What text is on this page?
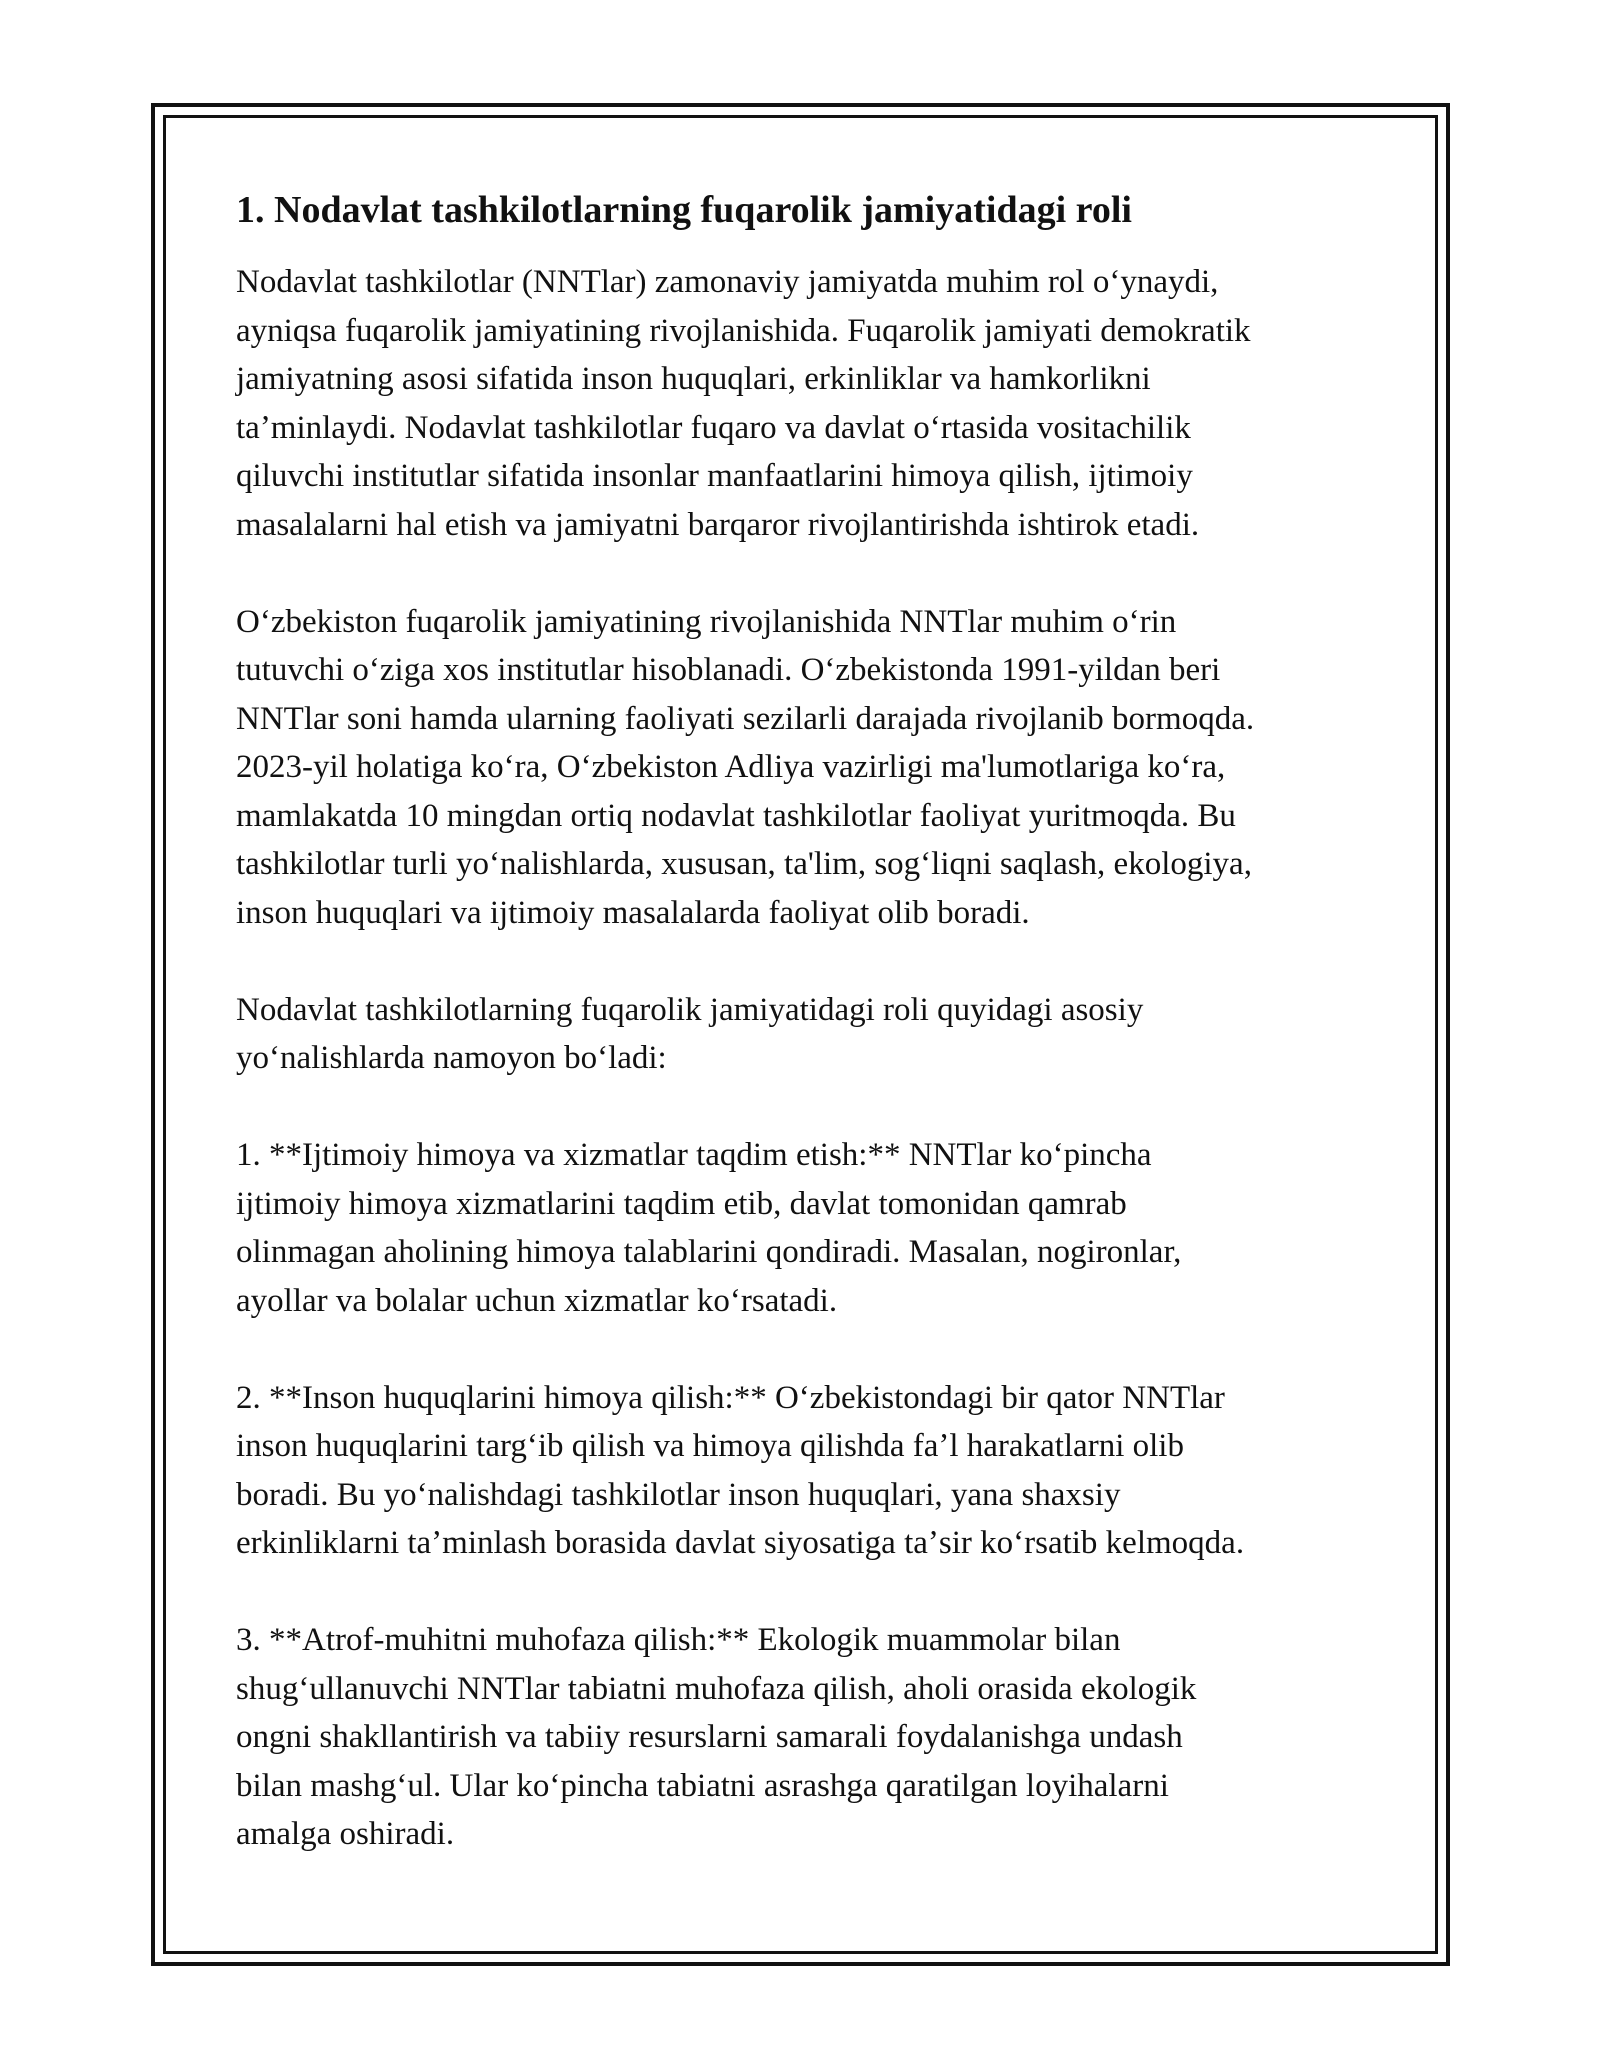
1. Nodavlat tashkilotlarning fuqarolik jamiyatidagi roli

Nodavlat tashkilotlar (NNTlar) zamonaviy jamiyatda muhim rol oʻynaydi,
ayniqsa fuqarolik jamiyatining rivojlanishida. Fuqarolik jamiyati demokratik
jamiyatning asosi sifatida inson huquqlari, erkinliklar va hamkorlikni
taʼminlaydi. Nodavlat tashkilotlar fuqaro va davlat oʻrtasida vositachilik
qiluvchi institutlar sifatida insonlar manfaatlarini himoya qilish, ijtimoiy
masalalarni hal etish va jamiyatni barqaror rivojlantirishda ishtirok etadi.

Oʻzbekiston fuqarolik jamiyatining rivojlanishida NNTlar muhim oʻrin
tutuvchi oʻziga xos institutlar hisoblanadi. Oʻzbekistonda 1991-yildan beri
NNTlar soni hamda ularning faoliyati sezilarli darajada rivojlanib bormoqda.
2023-yil holatiga koʻra, Oʻzbekiston Adliya vazirligi ma'lumotlariga koʻra,
mamlakatda 10 mingdan ortiq nodavlat tashkilotlar faoliyat yuritmoqda. Bu
tashkilotlar turli yoʻnalishlarda, xususan, ta'lim, sogʻliqni saqlash, ekologiya,
inson huquqlari va ijtimoiy masalalarda faoliyat olib boradi.

Nodavlat tashkilotlarning fuqarolik jamiyatidagi roli quyidagi asosiy
yoʻnalishlarda namoyon boʻladi:

1. **Ijtimoiy himoya va xizmatlar taqdim etish:** NNTlar koʻpincha
ijtimoiy himoya xizmatlarini taqdim etib, davlat tomonidan qamrab
olinmagan aholining himoya talablarini qondiradi. Masalan, nogironlar,
ayollar va bolalar uchun xizmatlar koʻrsatadi.

2. **Inson huquqlarini himoya qilish:** Oʻzbekistondagi bir qator NNTlar
inson huquqlarini targʻib qilish va himoya qilishda faʼl harakatlarni olib
boradi. Bu yoʻnalishdagi tashkilotlar inson huquqlari, yana shaxsiy
erkinliklarni taʼminlash borasida davlat siyosatiga taʼsir koʻrsatib kelmoqda.

3. **Atrof-muhitni muhofaza qilish:** Ekologik muammolar bilan
shugʻullanuvchi NNTlar tabiatni muhofaza qilish, aholi orasida ekologik
ongni shakllantirish va tabiiy resurslarni samarali foydalanishga undash
bilan mashgʻul. Ular koʻpincha tabiatni asrashga qaratilgan loyihalarni
amalga oshiradi.
